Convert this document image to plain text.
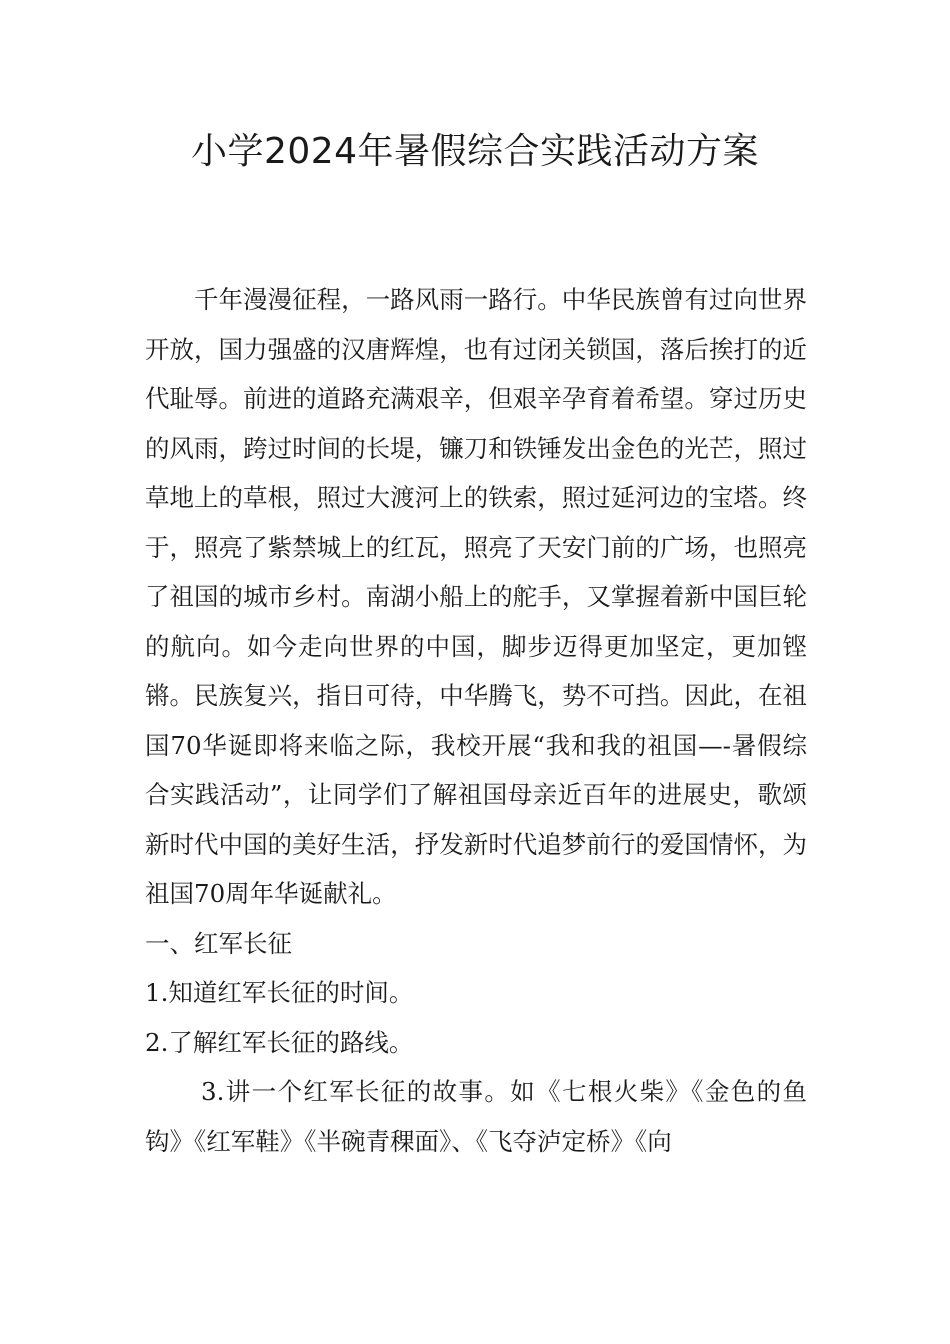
小学2024年暑假综合实践活动方案

千年漫漫征程，一路风雨一路行。中华民族曾有过向世界开放，国力强盛的汉唐辉煌，也有过闭关锁国，落后挨打的近代耻辱。前进的道路充满艰辛，但艰辛孕育着希望。穿过历史的风雨，跨过时间的长堤，镰刀和铁锤发出金色的光芒，照过草地上的草根，照过大渡河上的铁索，照过延河边的宝塔。终于，照亮了紫禁城上的红瓦，照亮了天安门前的广场，也照亮了祖国的城市乡村。南湖小船上的舵手，又掌握着新中国巨轮的航向。如今走向世界的中国，脚步迈得更加坚定，更加铿锵。民族复兴，指日可待，中华腾飞，势不可挡。因此，在祖国70华诞即将来临之际，我校开展“我和我的祖国—-暑假综合实践活动”，让同学们了解祖国母亲近百年的进展史，歌颂新时代中国的美好生活，抒发新时代追梦前行的爱国情怀，为祖国70周年华诞献礼。

一、红军长征

1.知道红军长征的时间。

2.了解红军长征的路线。

3.讲一个红军长征的故事。如《七根火柴》《金色的鱼钩》《红军鞋》《半碗青稞面》、《飞夺泸定桥》《向
